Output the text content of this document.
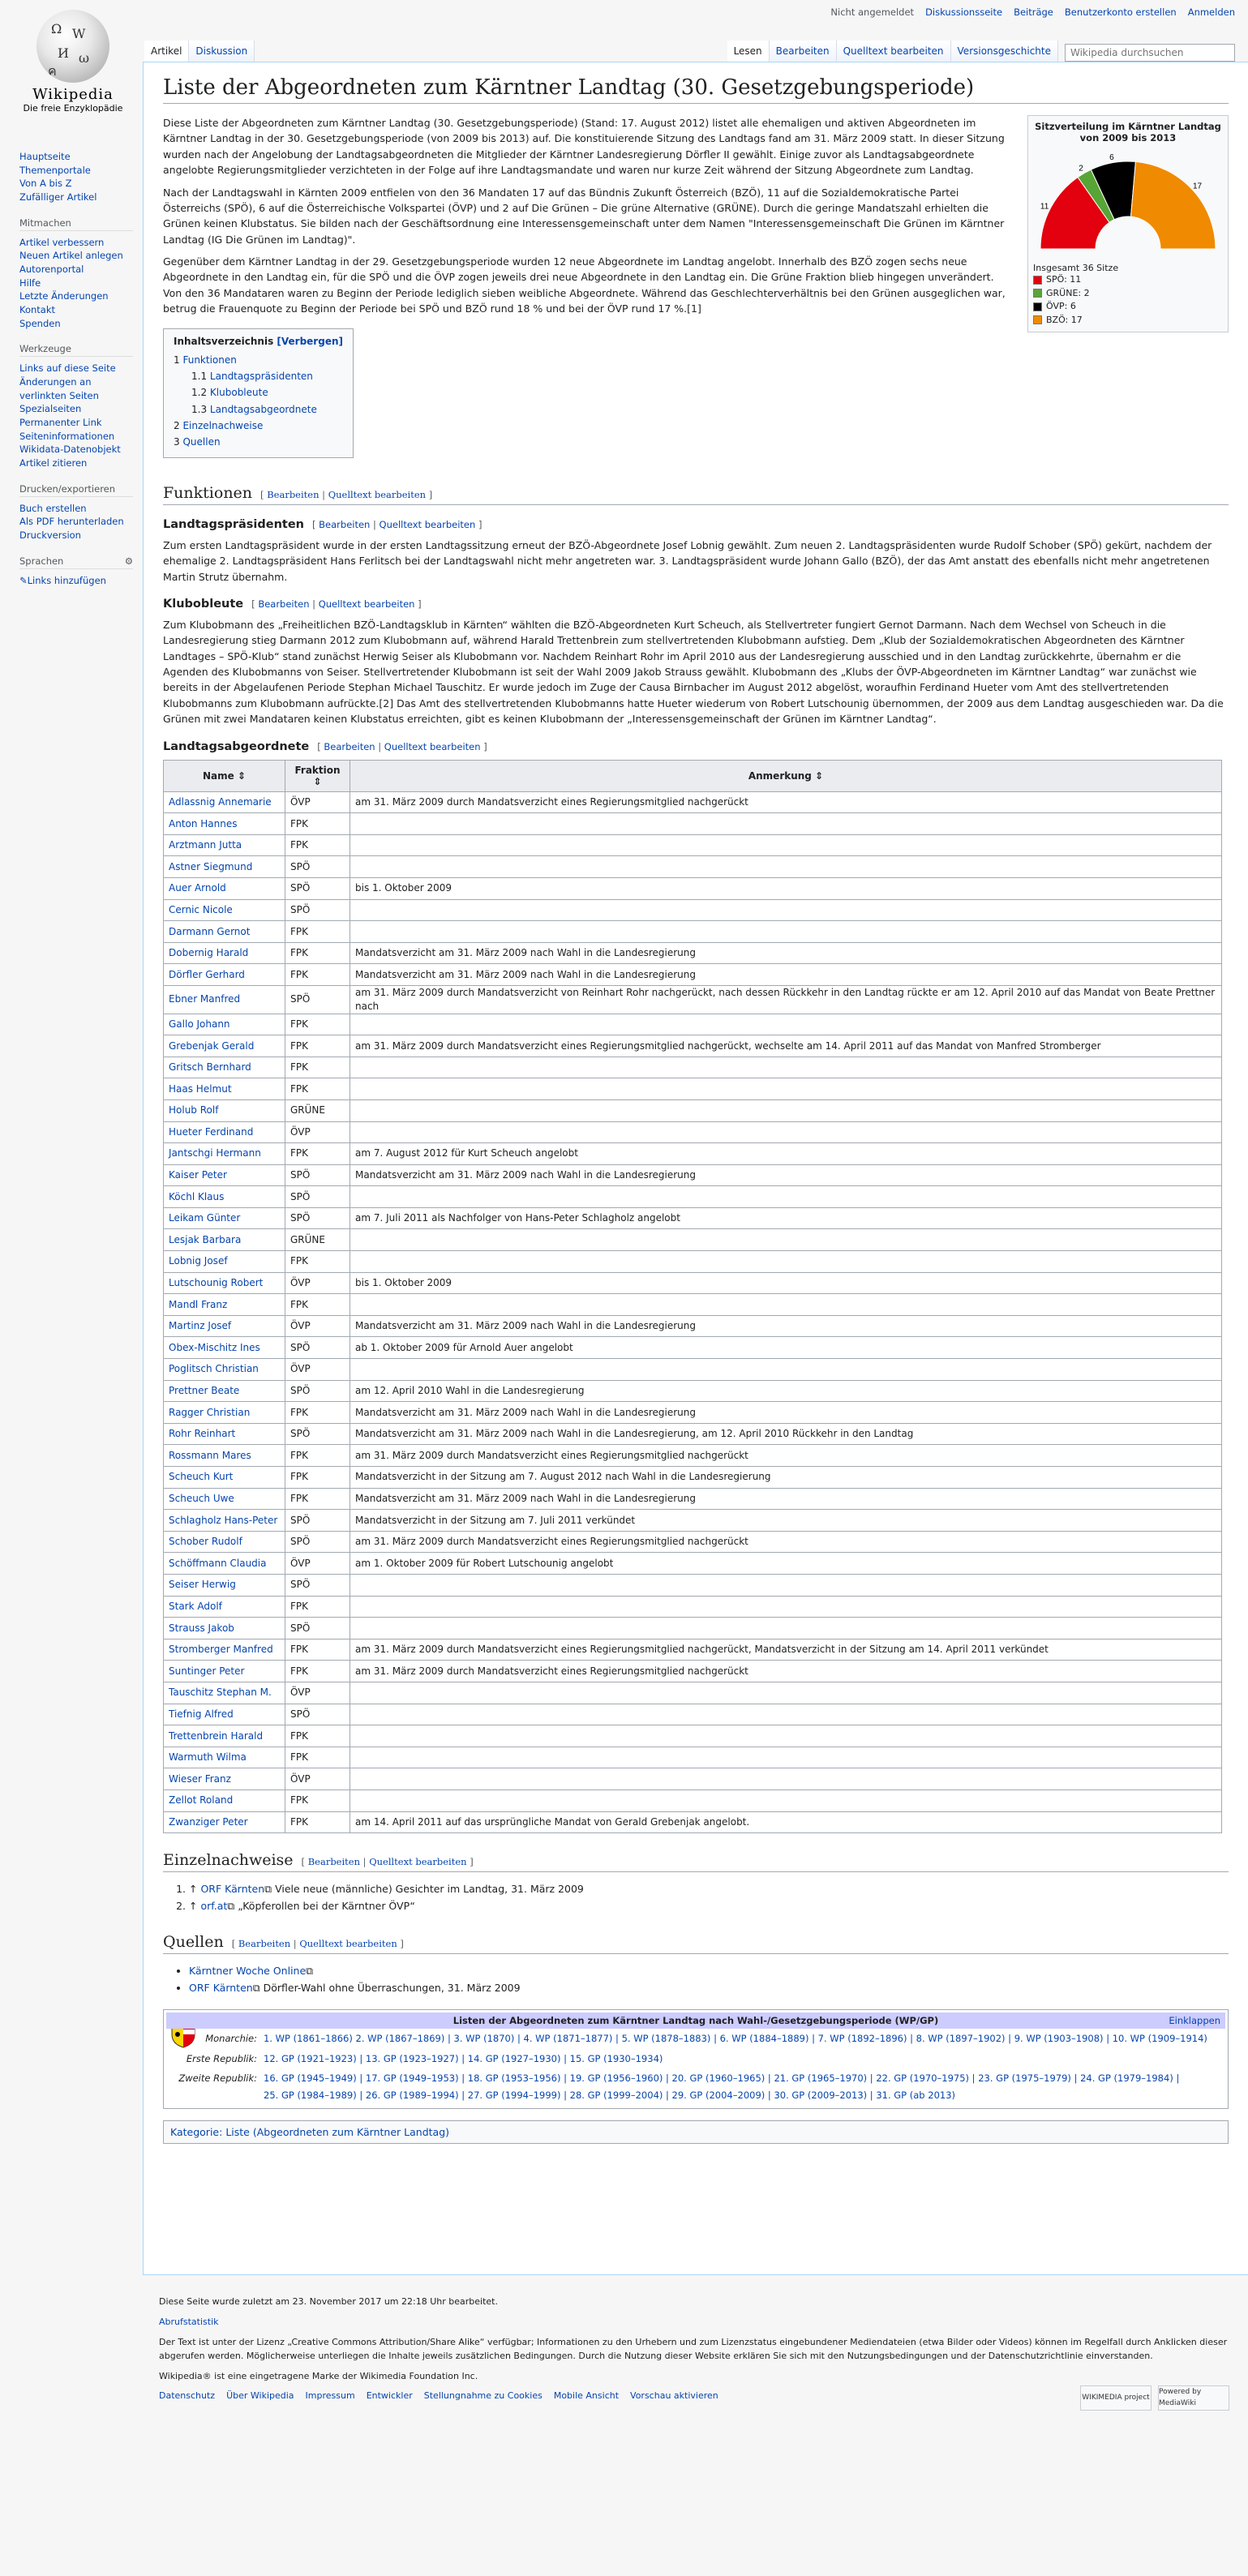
Nicht angemeldet Diskussionsseite Beiträge Benutzerkonto erstellen Anmelden
Ω W
И ω
ค
Wikipedia
Die freie Enzyklopädie
Hauptseite
Themenportale
Von A bis Z
Zufälliger Artikel
Mitmachen
Artikel verbessern
Neuen Artikel anlegen
Autorenportal
Hilfe
Letzte Änderungen
Kontakt
Spenden
Werkzeuge
Links auf diese Seite
Änderungen an verlinkten Seiten
Spezialseiten
Permanenter Link
Seiteninformationen
Wikidata-Datenobjekt
Artikel zitieren
Drucken/exportieren
Buch erstellen
Als PDF herunterladen
Druckversion
Sprachen	⚙
✎Links hinzufügen
Artikel	Diskussion	Lesen	Bearbeiten	Quelltext bearbeiten	Versionsgeschichte
Wikipedia durchsuchen
Liste der Abgeordneten zum Kärntner Landtag (30. Gesetzgebungsperiode)
Sitzverteilung im Kärntner Landtag von 2009 bis 2013
11
2
6
17
Insgesamt 36 Sitze
SPÖ: 11
GRÜNE: 2
ÖVP: 6
BZÖ: 17

Diese Liste der Abgeordneten zum Kärntner Landtag (30. Gesetzgebungsperiode) (Stand: 17. August 2012) listet alle ehemaligen und aktiven Abgeordneten im Kärntner Landtag in der 30. Gesetzgebungsperiode (von 2009 bis 2013) auf. Die konstituierende Sitzung des Landtags fand am 31. März 2009 statt. In dieser Sitzung wurden nach der Angelobung der Landtagsabgeordneten die Mitglieder der Kärntner Landesregierung Dörfler II gewählt. Einige zuvor als Landtagsabgeordnete angelobte Regierungsmitglieder verzichteten in der Folge auf ihre Landtagsmandate und waren nur kurze Zeit während der Sitzung Abgeordnete zum Landtag.

Nach der Landtagswahl in Kärnten 2009 entfielen von den 36 Mandaten 17 auf das Bündnis Zukunft Österreich (BZÖ), 11 auf die Sozialdemokratische Partei Österreichs (SPÖ), 6 auf die Österreichische Volkspartei (ÖVP) und 2 auf Die Grünen – Die grüne Alternative (GRÜNE). Durch die geringe Mandatszahl erhielten die Grünen keinen Klubstatus. Sie bilden nach der Geschäftsordnung eine Interessensgemeinschaft unter dem Namen "Interessensgemeinschaft Die Grünen im Kärntner Landtag (IG Die Grünen im Landtag)".

Gegenüber dem Kärntner Landtag in der 29. Gesetzgebungsperiode wurden 12 neue Abgeordnete im Landtag angelobt. Innerhalb des BZÖ zogen sechs neue Abgeordnete in den Landtag ein, für die SPÖ und die ÖVP zogen jeweils drei neue Abgeordnete in den Landtag ein. Die Grüne Fraktion blieb hingegen unverändert. Von den 36 Mandataren waren zu Beginn der Periode lediglich sieben weibliche Abgeordnete. Während das Geschlechterverhältnis bei den Grünen ausgeglichen war, betrug die Frauenquote zu Beginn der Periode bei SPÖ und BZÖ rund 18 % und bei der ÖVP rund 17 %.[1]

Inhaltsverzeichnis [Verbergen]
1 Funktionen
1.1 Landtagspräsidenten
1.2 Klubobleute
1.3 Landtagsabgeordnete
2 Einzelnachweise
3 Quellen
Funktionen [ Bearbeiten | Quelltext bearbeiten ]
Landtagspräsidenten [ Bearbeiten | Quelltext bearbeiten ]

Zum ersten Landtagspräsident wurde in der ersten Landtagssitzung erneut der BZÖ-Abgeordnete Josef Lobnig gewählt. Zum neuen 2. Landtagspräsidenten wurde Rudolf Schober (SPÖ) gekürt, nachdem der ehemalige 2. Landtagspräsident Hans Ferlitsch bei der Landtagswahl nicht mehr angetreten war. 3. Landtagspräsident wurde Johann Gallo (BZÖ), der das Amt anstatt des ebenfalls nicht mehr angetretenen Martin Strutz übernahm.

Klubobleute [ Bearbeiten | Quelltext bearbeiten ]

Zum Klubobmann des „Freiheitlichen BZÖ-Landtagsklub in Kärnten“ wählten die BZÖ-Abgeordneten Kurt Scheuch, als Stellvertreter fungiert Gernot Darmann. Nach dem Wechsel von Scheuch in die Landesregierung stieg Darmann 2012 zum Klubobmann auf, während Harald Trettenbrein zum stellvertretenden Klubobmann aufstieg. Dem „Klub der Sozialdemokratischen Abgeordneten des Kärntner Landtages – SPÖ-Klub“ stand zunächst Herwig Seiser als Klubobmann vor. Nachdem Reinhart Rohr im April 2010 aus der Landesregierung ausschied und in den Landtag zurückkehrte, übernahm er die Agenden des Klubobmanns von Seiser. Stellvertretender Klubobmann ist seit der Wahl 2009 Jakob Strauss gewählt. Klubobmann des „Klubs der ÖVP-Abgeordneten im Kärntner Landtag“ war zunächst wie bereits in der Abgelaufenen Periode Stephan Michael Tauschitz. Er wurde jedoch im Zuge der Causa Birnbacher im August 2012 abgelöst, woraufhin Ferdinand Hueter vom Amt des stellvertretenden Klubobmanns zum Klubobmann aufrückte.[2] Das Amt des stellvertretenden Klubobmanns hatte Hueter wiederum von Robert Lutschounig übernommen, der 2009 aus dem Landtag ausgeschieden war. Da die Grünen mit zwei Mandataren keinen Klubstatus erreichten, gibt es keinen Klubobmann der „Interessensgemeinschaft der Grünen im Kärntner Landtag“.

Landtagsabgeordnete [ Bearbeiten | Quelltext bearbeiten ]
Name ⇕	Fraktion ⇕	Anmerkung ⇕
Adlassnig Annemarie	ÖVP	am 31. März 2009 durch Mandatsverzicht eines Regierungsmitglied nachgerückt
Anton Hannes	FPK	
Arztmann Jutta	FPK	
Astner Siegmund	SPÖ	
Auer Arnold	SPÖ	bis 1. Oktober 2009
Cernic Nicole	SPÖ	
Darmann Gernot	FPK	
Dobernig Harald	FPK	Mandatsverzicht am 31. März 2009 nach Wahl in die Landesregierung
Dörfler Gerhard	FPK	Mandatsverzicht am 31. März 2009 nach Wahl in die Landesregierung
Ebner Manfred	SPÖ	am 31. März 2009 durch Mandatsverzicht von Reinhart Rohr nachgerückt, nach dessen Rückkehr in den Landtag rückte er am 12. April 2010 auf das Mandat von Beate Prettner nach
Gallo Johann	FPK	
Grebenjak Gerald	FPK	am 31. März 2009 durch Mandatsverzicht eines Regierungsmitglied nachgerückt, wechselte am 14. April 2011 auf das Mandat von Manfred Stromberger
Gritsch Bernhard	FPK	
Haas Helmut	FPK	
Holub Rolf	GRÜNE	
Hueter Ferdinand	ÖVP	
Jantschgi Hermann	FPK	am 7. August 2012 für Kurt Scheuch angelobt
Kaiser Peter	SPÖ	Mandatsverzicht am 31. März 2009 nach Wahl in die Landesregierung
Köchl Klaus	SPÖ	
Leikam Günter	SPÖ	am 7. Juli 2011 als Nachfolger von Hans-Peter Schlagholz angelobt
Lesjak Barbara	GRÜNE	
Lobnig Josef	FPK	
Lutschounig Robert	ÖVP	bis 1. Oktober 2009
Mandl Franz	FPK	
Martinz Josef	ÖVP	Mandatsverzicht am 31. März 2009 nach Wahl in die Landesregierung
Obex-Mischitz Ines	SPÖ	ab 1. Oktober 2009 für Arnold Auer angelobt
Poglitsch Christian	ÖVP	
Prettner Beate	SPÖ	am 12. April 2010 Wahl in die Landesregierung
Ragger Christian	FPK	Mandatsverzicht am 31. März 2009 nach Wahl in die Landesregierung
Rohr Reinhart	SPÖ	Mandatsverzicht am 31. März 2009 nach Wahl in die Landesregierung, am 12. April 2010 Rückkehr in den Landtag
Rossmann Mares	FPK	am 31. März 2009 durch Mandatsverzicht eines Regierungsmitglied nachgerückt
Scheuch Kurt	FPK	Mandatsverzicht in der Sitzung am 7. August 2012 nach Wahl in die Landesregierung
Scheuch Uwe	FPK	Mandatsverzicht am 31. März 2009 nach Wahl in die Landesregierung
Schlagholz Hans-Peter	SPÖ	Mandatsverzicht in der Sitzung am 7. Juli 2011 verkündet
Schober Rudolf	SPÖ	am 31. März 2009 durch Mandatsverzicht eines Regierungsmitglied nachgerückt
Schöffmann Claudia	ÖVP	am 1. Oktober 2009 für Robert Lutschounig angelobt
Seiser Herwig	SPÖ	
Stark Adolf	FPK	
Strauss Jakob	SPÖ	
Stromberger Manfred	FPK	am 31. März 2009 durch Mandatsverzicht eines Regierungsmitglied nachgerückt, Mandatsverzicht in der Sitzung am 14. April 2011 verkündet
Suntinger Peter	FPK	am 31. März 2009 durch Mandatsverzicht eines Regierungsmitglied nachgerückt
Tauschitz Stephan M.	ÖVP	
Tiefnig Alfred	SPÖ	
Trettenbrein Harald	FPK	
Warmuth Wilma	FPK	
Wieser Franz	ÖVP	
Zellot Roland	FPK	
Zwanziger Peter	FPK	am 14. April 2011 auf das ursprüngliche Mandat von Gerald Grebenjak angelobt.
Einzelnachweise [ Bearbeiten | Quelltext bearbeiten ]
1. ↑ ORF Kärnten⧉ Viele neue (männliche) Gesichter im Landtag, 31. März 2009
2. ↑ orf.at⧉ „Köpferollen bei der Kärntner ÖVP“
Quellen [ Bearbeiten | Quelltext bearbeiten ]
• Kärntner Woche Online⧉
• ORF Kärnten⧉ Dörfler-Wahl ohne Überraschungen, 31. März 2009
Listen der Abgeordneten zum Kärntner Landtag nach Wahl-/Gesetzgebungsperiode (WP/GP)	Einklappen
Monarchie: 1. WP (1861–1866) 2. WP (1867–1869) | 3. WP (1870) | 4. WP (1871–1877) | 5. WP (1878–1883) | 6. WP (1884–1889) | 7. WP (1892–1896) | 8. WP (1897–1902) | 9. WP (1903–1908) | 10. WP (1909–1914)
Erste Republik: 12. GP (1921–1923) | 13. GP (1923–1927) | 14. GP (1927–1930) | 15. GP (1930–1934)
Zweite Republik: 16. GP (1945–1949) | 17. GP (1949–1953) | 18. GP (1953–1956) | 19. GP (1956–1960) | 20. GP (1960–1965) | 21. GP (1965–1970) | 22. GP (1970–1975) | 23. GP (1975–1979) | 24. GP (1979–1984) |
25. GP (1984–1989) | 26. GP (1989–1994) | 27. GP (1994–1999) | 28. GP (1999–2004) | 29. GP (2004–2009) | 30. GP (2009–2013) | 31. GP (ab 2013)
Kategorie: Liste (Abgeordneten zum Kärntner Landtag)

Diese Seite wurde zuletzt am 23. November 2017 um 22:18 Uhr bearbeitet.

Abrufstatistik

Der Text ist unter der Lizenz „Creative Commons Attribution/Share Alike“ verfügbar; Informationen zu den Urhebern und zum Lizenzstatus eingebundener Mediendateien (etwa Bilder oder Videos) können im Regelfall durch Anklicken dieser abgerufen werden. Möglicherweise unterliegen die Inhalte jeweils zusätzlichen Bedingungen. Durch die Nutzung dieser Website erklären Sie sich mit den Nutzungsbedingungen und der Datenschutzrichtlinie einverstanden.

Wikipedia® ist eine eingetragene Marke der Wikimedia Foundation Inc.

Datenschutz Über Wikipedia Impressum Entwickler Stellungnahme zu Cookies Mobile Ansicht Vorschau aktivieren	WIKIMEDIA project
Powered by MediaWiki
